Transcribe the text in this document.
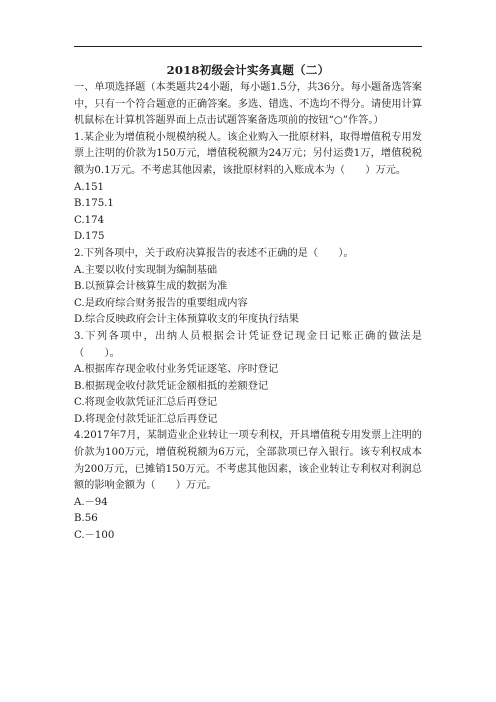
2018初级会计实务真题（二）

一、单项选择题（本类题共24小题，每小题1.5分，共36分。每小题备选答案中，只有一个符合题意的正确答案。多选、错选、不选均不得分。请使用计算机鼠标在计算机答题界面上点击试题答案备选项前的按钮“○”作答。）

1.某企业为增值税小规模纳税人。该企业购入一批原材料，取得增值税专用发票上注明的价款为150万元，增值税税额为24万元；另付运费1万，增值税税额为0.1万元。不考虑其他因素，该批原材料的入账成本为（　　）万元。

A.151

B.175.1

C.174

D.175

2.下列各项中，关于政府决算报告的表述不正确的是（　　）。

A.主要以收付实现制为编制基础

B.以预算会计核算生成的数据为准

C.是政府综合财务报告的重要组成内容

D.综合反映政府会计主体预算收支的年度执行结果

3.下列各项中，出纳人员根据会计凭证登记现金日记账正确的做法是（　　）。

A.根据库存现金收付业务凭证逐笔、序时登记

B.根据现金收付款凭证金额相抵的差额登记

C.将现金收款凭证汇总后再登记

D.将现金付款凭证汇总后再登记

4.2017年7月，某制造业企业转让一项专利权，开具增值税专用发票上注明的价款为100万元，增值税税额为6万元，全部款项已存入银行。该专利权成本为200万元，已摊销150万元。不考虑其他因素，该企业转让专利权对利润总额的影响金额为（　　）万元。

A.－94

B.56

C.－100
